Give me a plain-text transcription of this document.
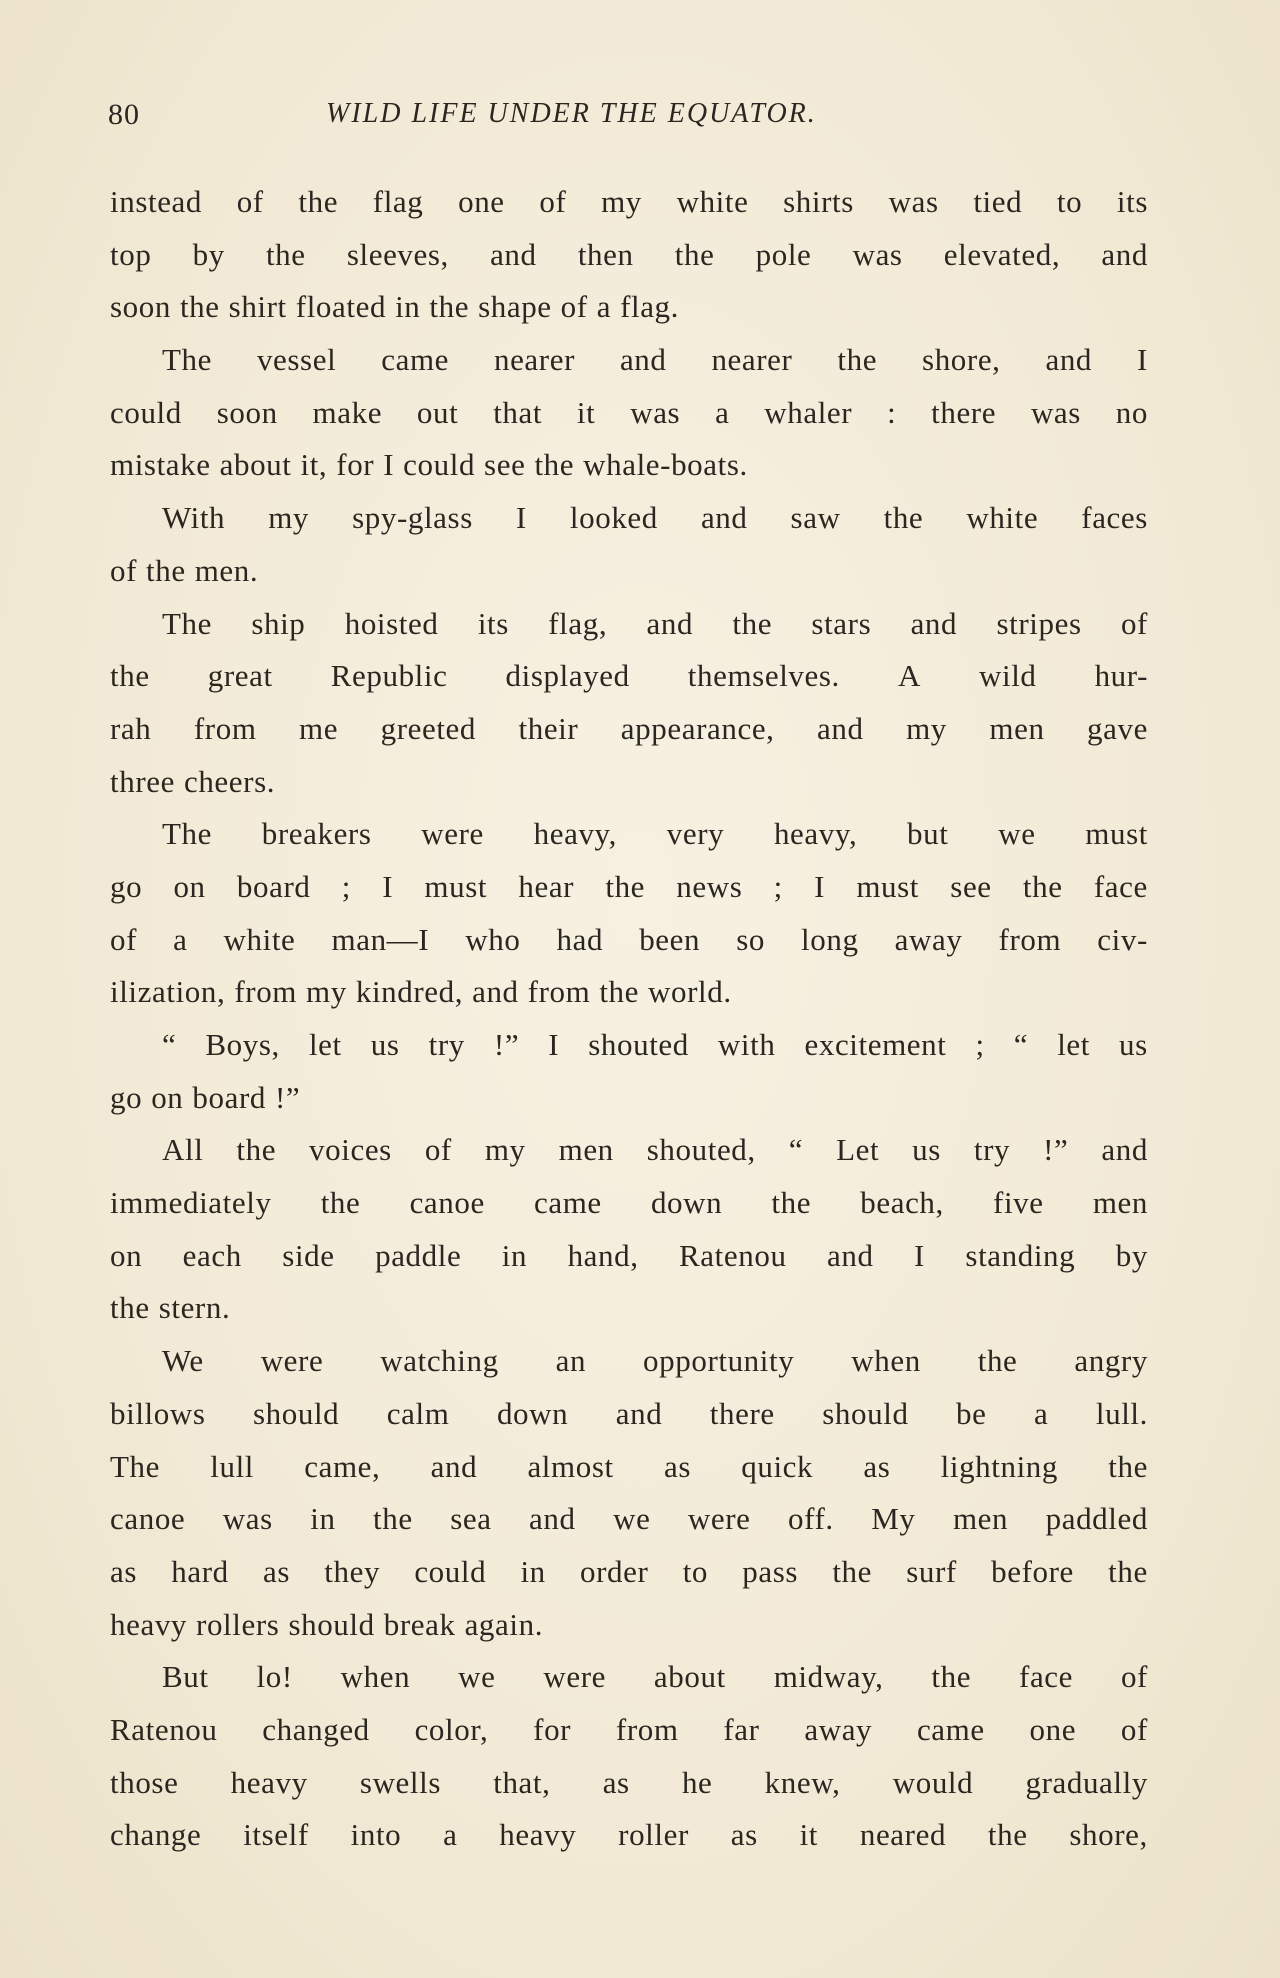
80	WILD LIFE UNDER THE EQUATOR.
instead of the flag one of my white shirts was tied to its
top by the sleeves, and then the pole was elevated, and
soon the shirt floated in the shape of a flag.
The vessel came nearer and nearer the shore, and I
could soon make out that it was a whaler : there was no
mistake about it, for I could see the whale-boats.
With my spy-glass I looked and saw the white faces
of the men.
The ship hoisted its flag, and the stars and stripes of
the great Republic displayed themselves. A wild hur-
rah from me greeted their appearance, and my men gave
three cheers.
The breakers were heavy, very heavy, but we must
go on board ; I must hear the news ; I must see the face
of a white man—I who had been so long away from civ-
ilization, from my kindred, and from the world.
“ Boys, let us try !” I shouted with excitement ; “ let us
go on board !”
All the voices of my men shouted, “ Let us try !” and
immediately the canoe came down the beach, five men
on each side paddle in hand, Ratenou and I standing by
the stern.
We were watching an opportunity when the angry
billows should calm down and there should be a lull.
The lull came, and almost as quick as lightning the
canoe was in the sea and we were off. My men paddled
as hard as they could in order to pass the surf before the
heavy rollers should break again.
But lo! when we were about midway, the face of
Ratenou changed color, for from far away came one of
those heavy swells that, as he knew, would gradually
change itself into a heavy roller as it neared the shore,
